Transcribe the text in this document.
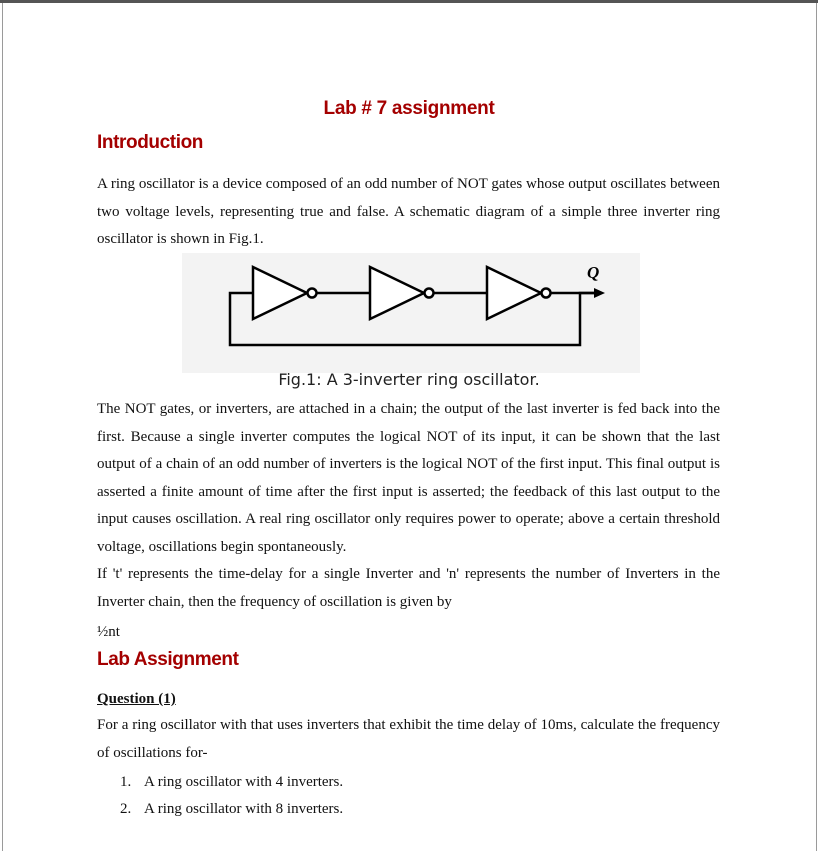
Lab # 7 assignment
Introduction
A ring oscillator is a device composed of an odd number of NOT gates whose output oscillates between two voltage levels, representing true and false. A schematic diagram of a simple three inverter ring oscillator is shown in Fig.1.
Q
Fig.1: A 3-inverter ring oscillator.
The NOT gates, or inverters, are attached in a chain; the output of the last inverter is fed back into the first. Because a single inverter computes the logical NOT of its input, it can be shown that the last output of a chain of an odd number of inverters is the logical NOT of the first input. This final output is asserted a finite amount of time after the first input is asserted; the feedback of this last output to the input causes oscillation. A real ring oscillator only requires power to operate; above a certain threshold voltage, oscillations begin spontaneously.
If 't' represents the time-delay for a single Inverter and 'n' represents the number of Inverters in the Inverter chain, then the frequency of oscillation is given by
½nt
Lab Assignment
Question (1)
For a ring oscillator with that uses inverters that exhibit the time delay of 10ms, calculate the frequency of oscillations for-
1. A ring oscillator with 4 inverters.
2. A ring oscillator with 8 inverters.
